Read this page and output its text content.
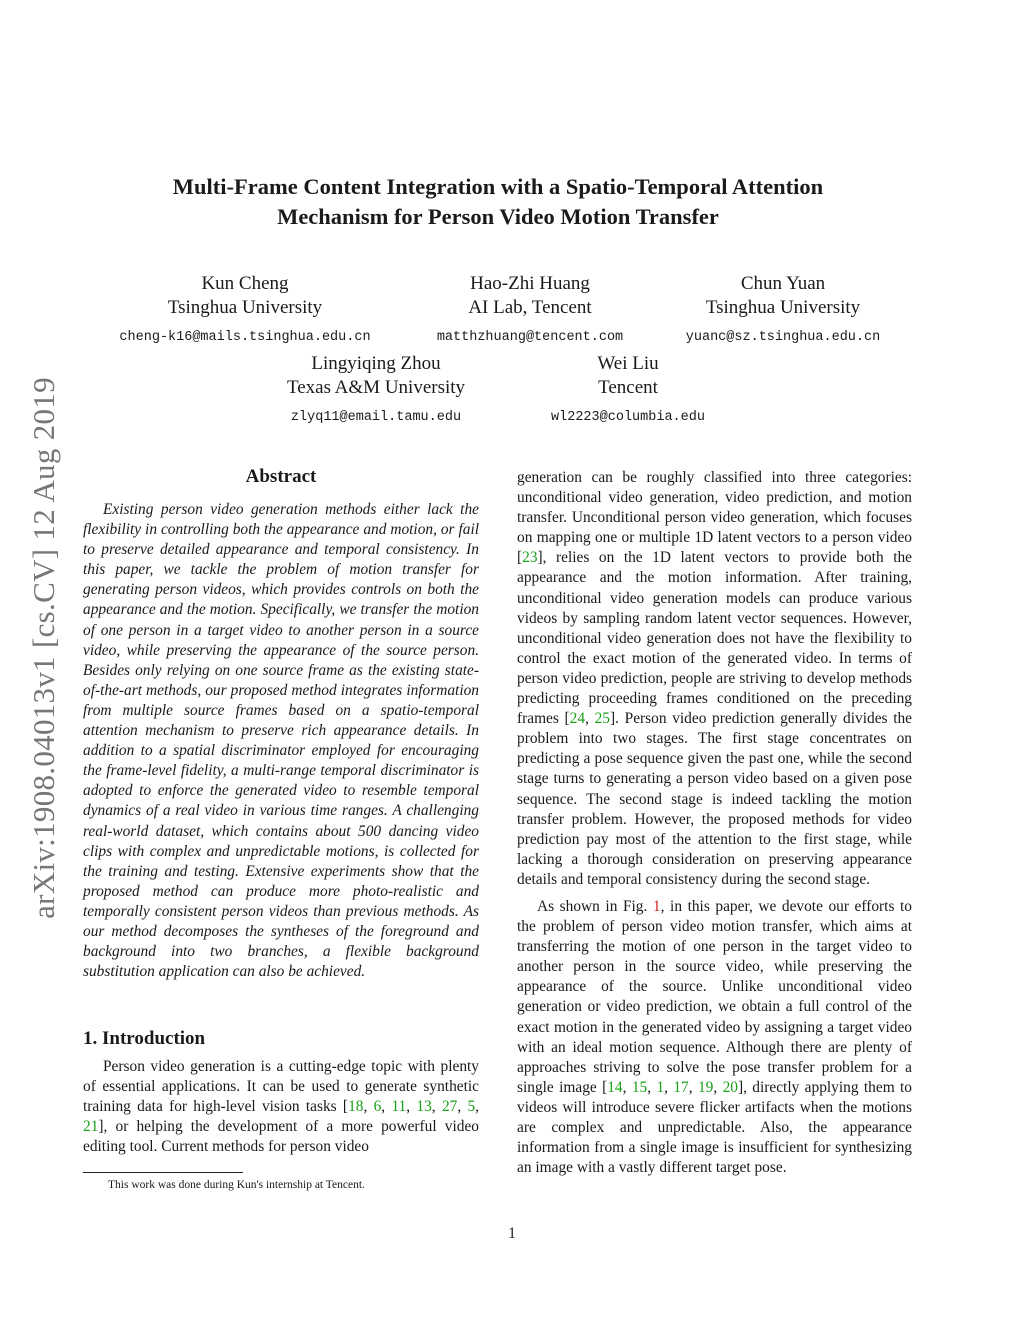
arXiv:1908.04013v1 [cs.CV] 12 Aug 2019
Multi-Frame Content Integration with a Spatio-Temporal Attention
Mechanism for Person Video Motion Transfer
Kun Cheng
Tsinghua University
cheng-k16@mails.tsinghua.edu.cn
Hao-Zhi Huang
AI Lab, Tencent
matthzhuang@tencent.com
Chun Yuan
Tsinghua University
yuanc@sz.tsinghua.edu.cn
Lingyiqing Zhou
Texas A&M University
zlyq11@email.tamu.edu
Wei Liu
Tencent
wl2223@columbia.edu
Abstract

Existing person video generation methods either lack the flexibility in controlling both the appearance and motion, or fail to preserve detailed appearance and temporal consistency. In this paper, we tackle the problem of motion transfer for generating person videos, which provides controls on both the appearance and the motion. Specifically, we transfer the motion of one person in a target video to another person in a source video, while preserving the appearance of the source person. Besides only relying on one source frame as the existing state-of-the-art methods, our proposed method integrates information from multiple source frames based on a spatio-temporal attention mechanism to preserve rich appearance details. In addition to a spatial discriminator employed for encouraging the frame-level fidelity, a multi-range temporal discriminator is adopted to enforce the generated video to resemble temporal dynamics of a real video in various time ranges. A challenging real-world dataset, which contains about 500 dancing video clips with complex and unpredictable motions, is collected for the training and testing. Extensive experiments show that the proposed method can produce more photo-realistic and temporally consistent person videos than previous methods. As our method decomposes the syntheses of the foreground and background into two branches, a flexible background substitution application can also be achieved.

1. Introduction

Person video generation is a cutting-edge topic with plenty of essential applications. It can be used to generate synthetic training data for high-level vision tasks [18, 6, 11, 13, 27, 5, 21], or helping the development of a more powerful video editing tool. Current methods for person video

generation can be roughly classified into three categories: unconditional video generation, video prediction, and motion transfer. Unconditional person video generation, which focuses on mapping one or multiple 1D latent vectors to a person video [23], relies on the 1D latent vectors to provide both the appearance and the motion information. After training, unconditional video generation models can produce various videos by sampling random latent vector sequences. However, unconditional video generation does not have the flexibility to control the exact motion of the generated video. In terms of person video prediction, people are striving to develop methods predicting proceeding frames conditioned on the preceding frames [24, 25]. Person video prediction generally divides the problem into two stages. The first stage concentrates on predicting a pose sequence given the past one, while the second stage turns to generating a person video based on a given pose sequence. The second stage is indeed tackling the motion transfer problem. However, the proposed methods for video prediction pay most of the attention to the first stage, while lacking a thorough consideration on preserving appearance details and temporal consistency during the second stage.

As shown in Fig. 1, in this paper, we devote our efforts to the problem of person video motion transfer, which aims at transferring the motion of one person in the target video to another person in the source video, while preserving the appearance of the source. Unlike unconditional video generation or video prediction, we obtain a full control of the exact motion in the generated video by assigning a target video with an ideal motion sequence. Although there are plenty of approaches striving to solve the pose transfer problem for a single image [14, 15, 1, 17, 19, 20], directly applying them to videos will introduce severe flicker artifacts when the motions are complex and unpredictable. Also, the appearance information from a single image is insufficient for synthesizing an image with a vastly different target pose.

This work was done during Kun's internship at Tencent.
1
